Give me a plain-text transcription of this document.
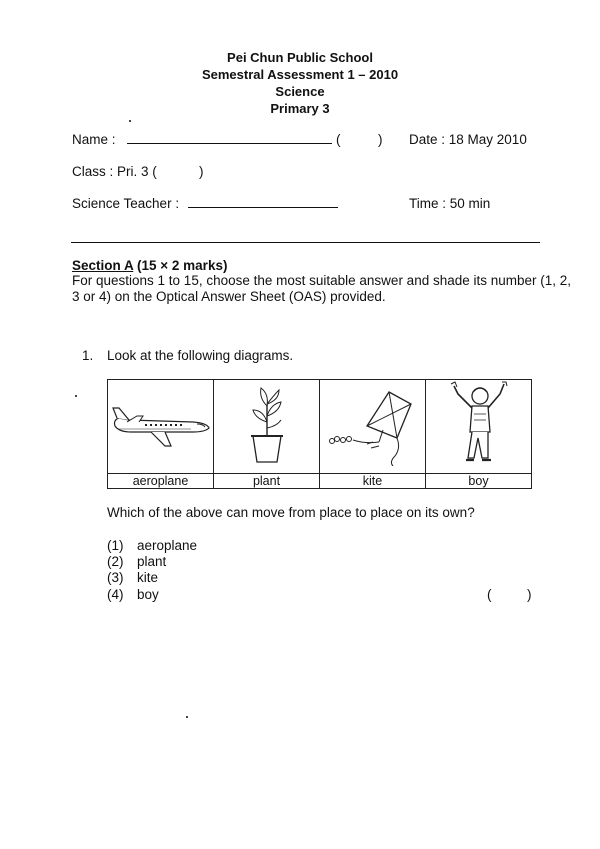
Pei Chun Public School
Semestral Assessment 1 – 2010
Science
Primary 3
Name :	(	) Date : 18 May 2010
Class : Pri. 3 (	)
Science Teacher :	Time : 50 min
Section A (15 × 2 marks)
For questions 1 to 15, choose the most suitable answer and shade its number (1, 2, 3 or 4) on the Optical Answer Sheet (OAS) provided.
1. Look at the following diagrams.

aeroplane	plant	kite	boy
Which of the above can move from place to place on its own?
(1) aeroplane
(2) plant
(3) kite
(4) boy	(	)
